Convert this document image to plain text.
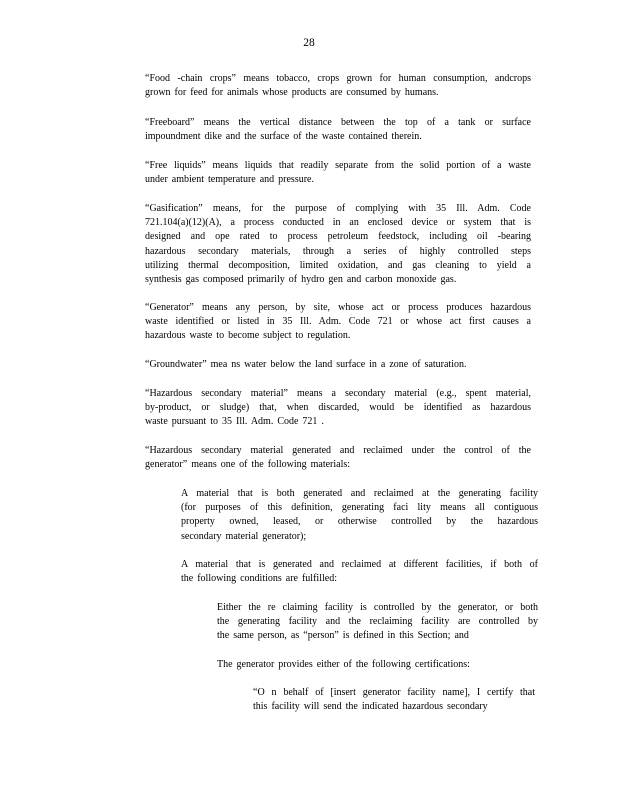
28

“Food -chain crops” means tobacco, crops grown for human consumption, andcrops
grown for feed for animals whose products are consumed by humans.

“Freeboard” means the vertical distance between the top of a tank or surface
impoundment dike and the surface of the waste contained therein.

“Free liquids” means liquids that readily separate from the solid portion of a waste
under ambient temperature and pressure.

“Gasification” means, for the purpose of complying with 35 Ill. Adm. Code
721.104(a)(12)(A), a process conducted in an enclosed device or system that is
designed and ope rated to process petroleum feedstock, including oil -bearing
hazardous secondary materials, through a series of highly controlled steps
utilizing thermal decomposition, limited oxidation, and gas cleaning to yield a
synthesis gas composed primarily of hydro gen and carbon monoxide gas.

“Generator” means any person, by site, whose act or process produces hazardous
waste identified or listed in 35 Ill. Adm. Code 721 or whose act first causes a
hazardous waste to become subject to regulation.

“Groundwater” mea ns water below the land surface in a zone of saturation.

“Hazardous secondary material” means a secondary material (e.g., spent material,
by-product, or sludge) that, when discarded, would be identified as hazardous
waste pursuant to 35 Ill. Adm. Code 721 .

“Hazardous secondary material generated and reclaimed under the control of the
generator” means one of the following materials:

A material that is both generated and reclaimed at the generating facility
(for purposes of this definition, generating faci lity means all contiguous
property owned, leased, or otherwise controlled by the hazardous
secondary material generator);

A material that is generated and reclaimed at different facilities, if both of
the following conditions are fulfilled:

Either the re claiming facility is controlled by the generator, or both
the generating facility and the reclaiming facility are controlled by
the same person, as “person” is defined in this Section; and

The generator provides either of the following certifications:

“O n behalf of [insert generator facility name], I certify that
this facility will send the indicated hazardous secondary
